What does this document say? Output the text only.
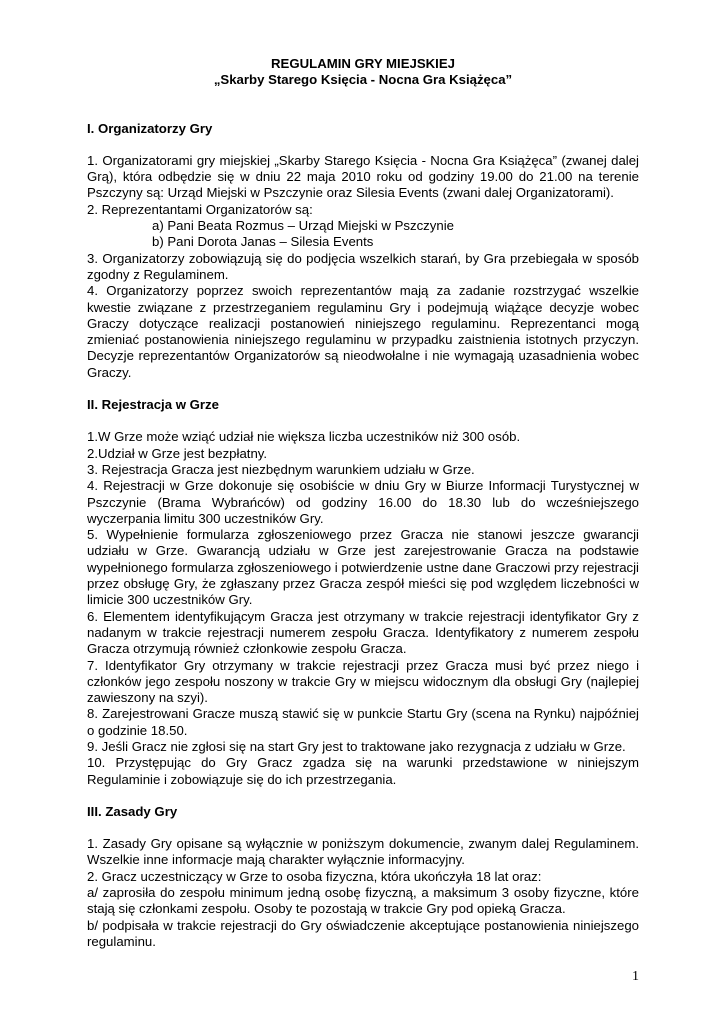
REGULAMIN GRY MIEJSKIEJ
„Skarby Starego Księcia - Nocna Gra Książęca”
I. Organizatorzy Gry

1. Organizatorami gry miejskiej „Skarby Starego Księcia - Nocna Gra Książęca” (zwanej dalej Grą), która odbędzie się w dniu 22 maja 2010 roku od godziny 19.00 do 21.00 na terenie Pszczyny są: Urząd Miejski w Pszczynie oraz Silesia Events (zwani dalej Organizatorami).

2. Reprezentantami Organizatorów są:

a) Pani Beata Rozmus – Urząd Miejski w Pszczynie

b) Pani Dorota Janas – Silesia Events

3. Organizatorzy zobowiązują się do podjęcia wszelkich starań, by Gra przebiegała w sposób zgodny z Regulaminem.

4. Organizatorzy poprzez swoich reprezentantów mają za zadanie rozstrzygać wszelkie kwestie związane z przestrzeganiem regulaminu Gry i podejmują wiążące decyzje wobec Graczy dotyczące realizacji postanowień niniejszego regulaminu. Reprezentanci mogą zmieniać postanowienia niniejszego regulaminu w przypadku zaistnienia istotnych przyczyn. Decyzje reprezentantów Organizatorów są nieodwołalne i nie wymagają uzasadnienia wobec Graczy.

II. Rejestracja w Grze

1.W Grze może wziąć udział nie większa liczba uczestników niż 300 osób.

2.Udział w Grze jest bezpłatny.

3. Rejestracja Gracza jest niezbędnym warunkiem udziału w Grze.

4. Rejestracji w Grze dokonuje się osobiście w dniu Gry w Biurze Informacji Turystycznej w Pszczynie (Brama Wybrańców) od godziny 16.00 do 18.30 lub do wcześniejszego wyczerpania limitu 300 uczestników Gry.

5. Wypełnienie formularza zgłoszeniowego przez Gracza nie stanowi jeszcze gwarancji udziału w Grze. Gwarancją udziału w Grze jest zarejestrowanie Gracza na podstawie wypełnionego formularza zgłoszeniowego i potwierdzenie ustne dane Graczowi przy rejestracji przez obsługę Gry, że zgłaszany przez Gracza zespół mieści się pod względem liczebności w limicie 300 uczestników Gry.

6. Elementem identyfikującym Gracza jest otrzymany w trakcie rejestracji identyfikator Gry z nadanym w trakcie rejestracji numerem zespołu Gracza. Identyfikatory z numerem zespołu Gracza otrzymują również członkowie zespołu Gracza.

7. Identyfikator Gry otrzymany w trakcie rejestracji przez Gracza musi być przez niego i członków jego zespołu noszony w trakcie Gry w miejscu widocznym dla obsługi Gry (najlepiej zawieszony na szyi).

8. Zarejestrowani Gracze muszą stawić się w punkcie Startu Gry (scena na Rynku) najpóźniej o godzinie 18.50.

9. Jeśli Gracz nie zgłosi się na start Gry jest to traktowane jako rezygnacja z udziału w Grze.

10. Przystępując do Gry Gracz zgadza się na warunki przedstawione w niniejszym Regulaminie i zobowiązuje się do ich przestrzegania.

III. Zasady Gry

1. Zasady Gry opisane są wyłącznie w poniższym dokumencie, zwanym dalej Regulaminem. Wszelkie inne informacje mają charakter wyłącznie informacyjny.

2. Gracz uczestniczący w Grze to osoba fizyczna, która ukończyła 18 lat oraz:

a/ zaprosiła do zespołu minimum jedną osobę fizyczną, a maksimum 3 osoby fizyczne, które stają się członkami zespołu. Osoby te pozostają w trakcie Gry pod opieką Gracza.

b/ podpisała w trakcie rejestracji do Gry oświadczenie akceptujące postanowienia niniejszego regulaminu.

1
